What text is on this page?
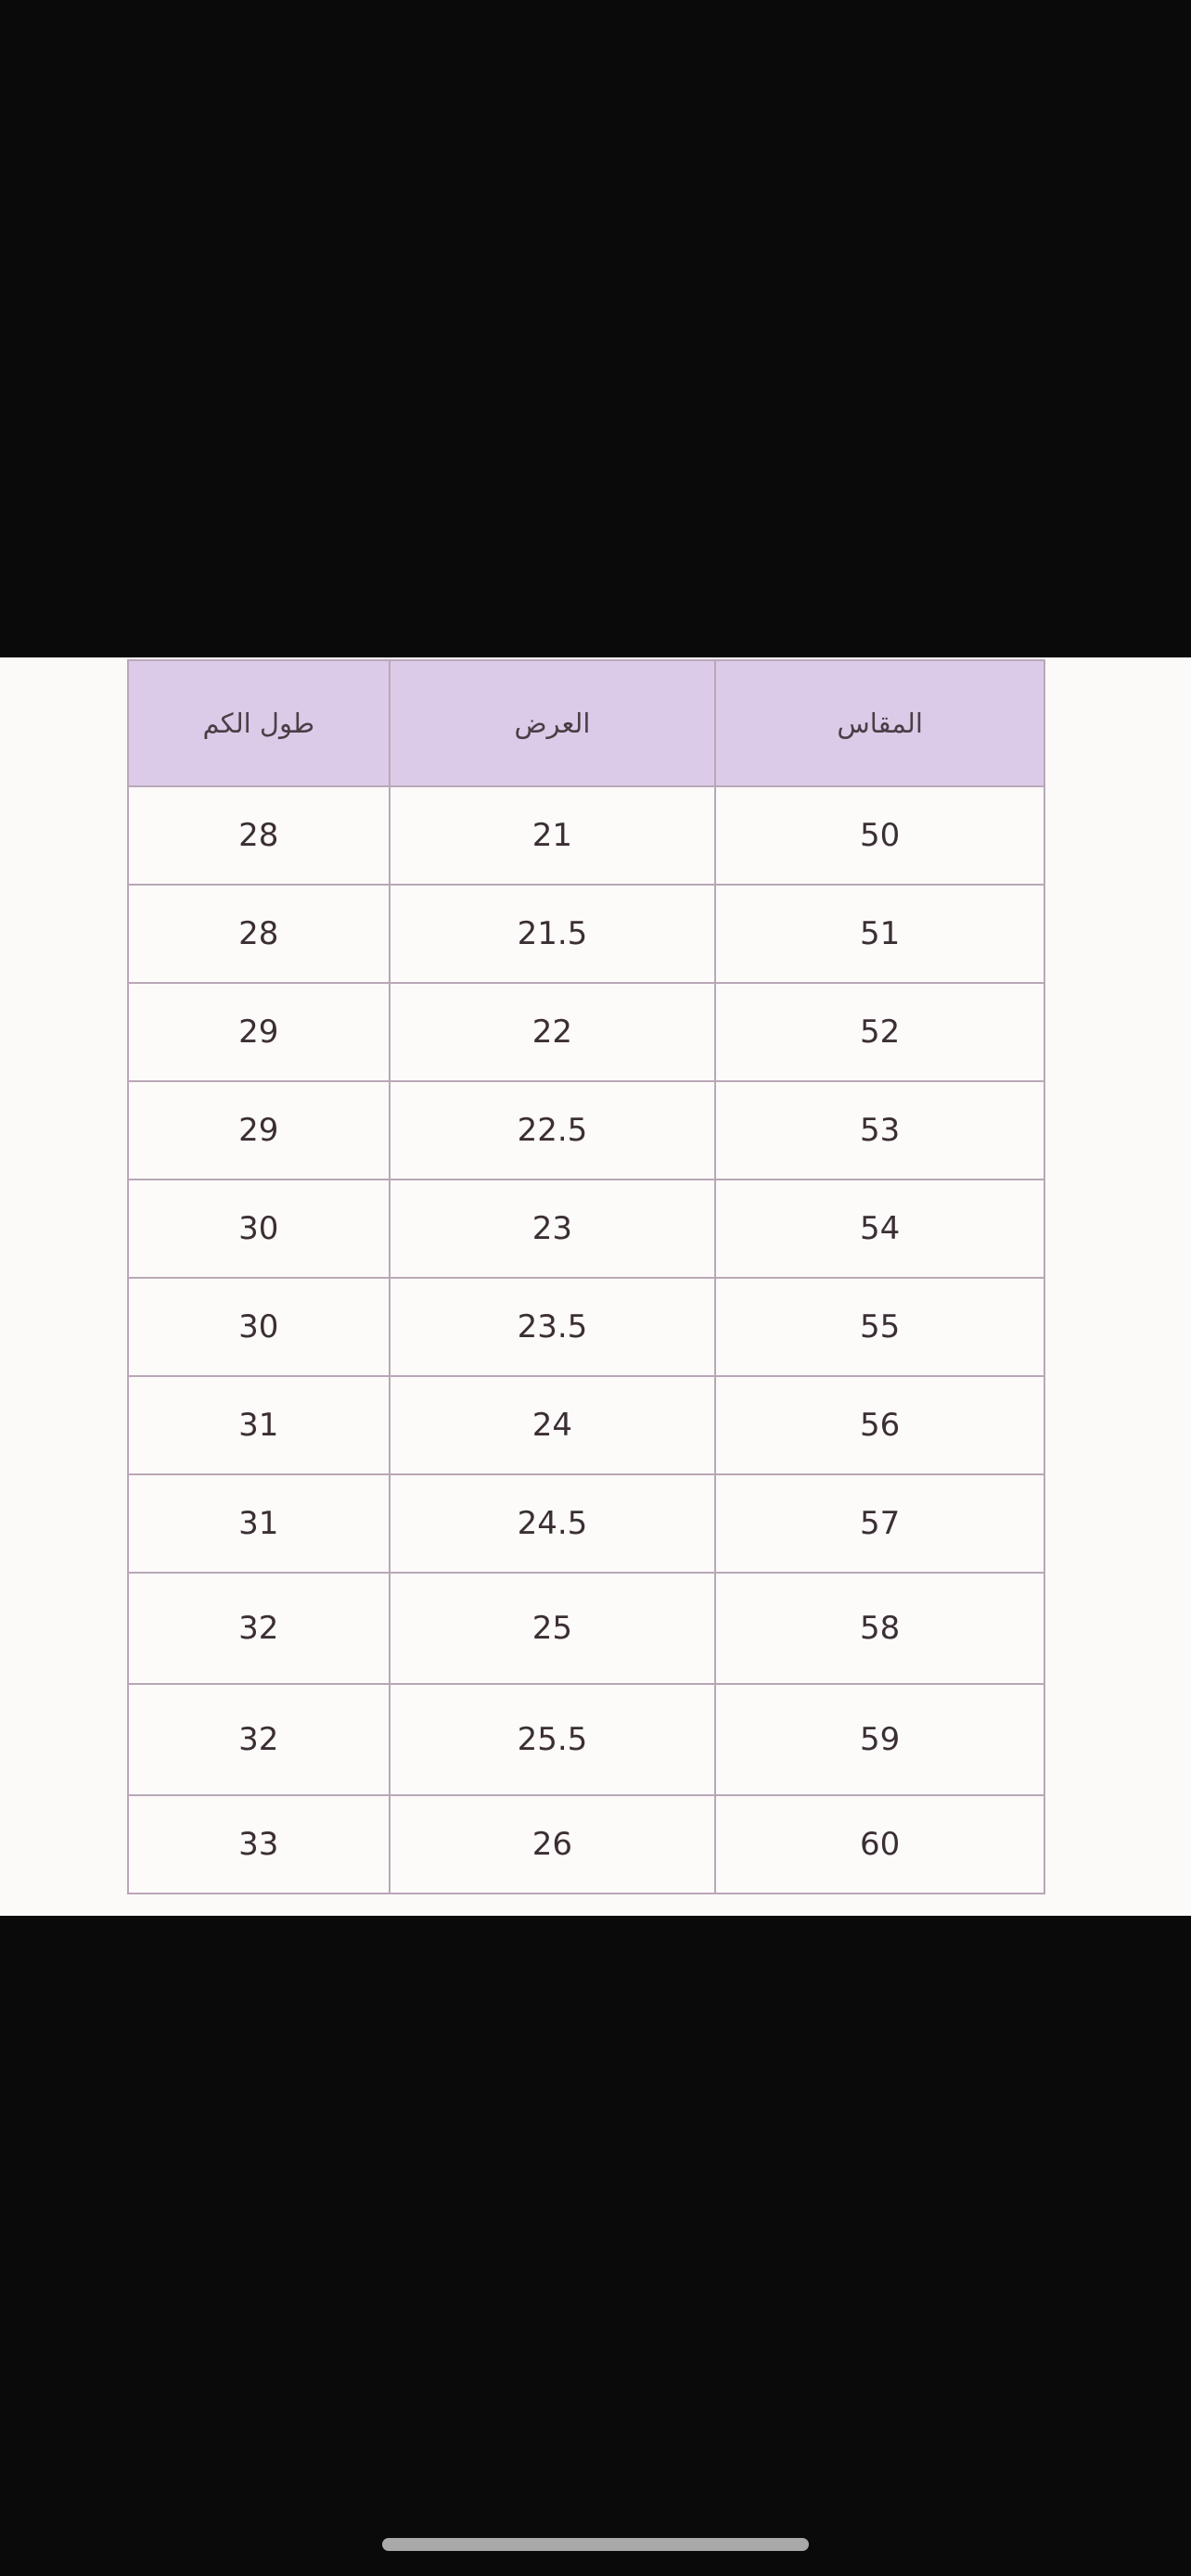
طول الكم	العرض	المقاس
28	21	50
28	21.5	51
29	22	52
29	22.5	53
30	23	54
30	23.5	55
31	24	56
31	24.5	57
32	25	58
32	25.5	59
33	26	60
